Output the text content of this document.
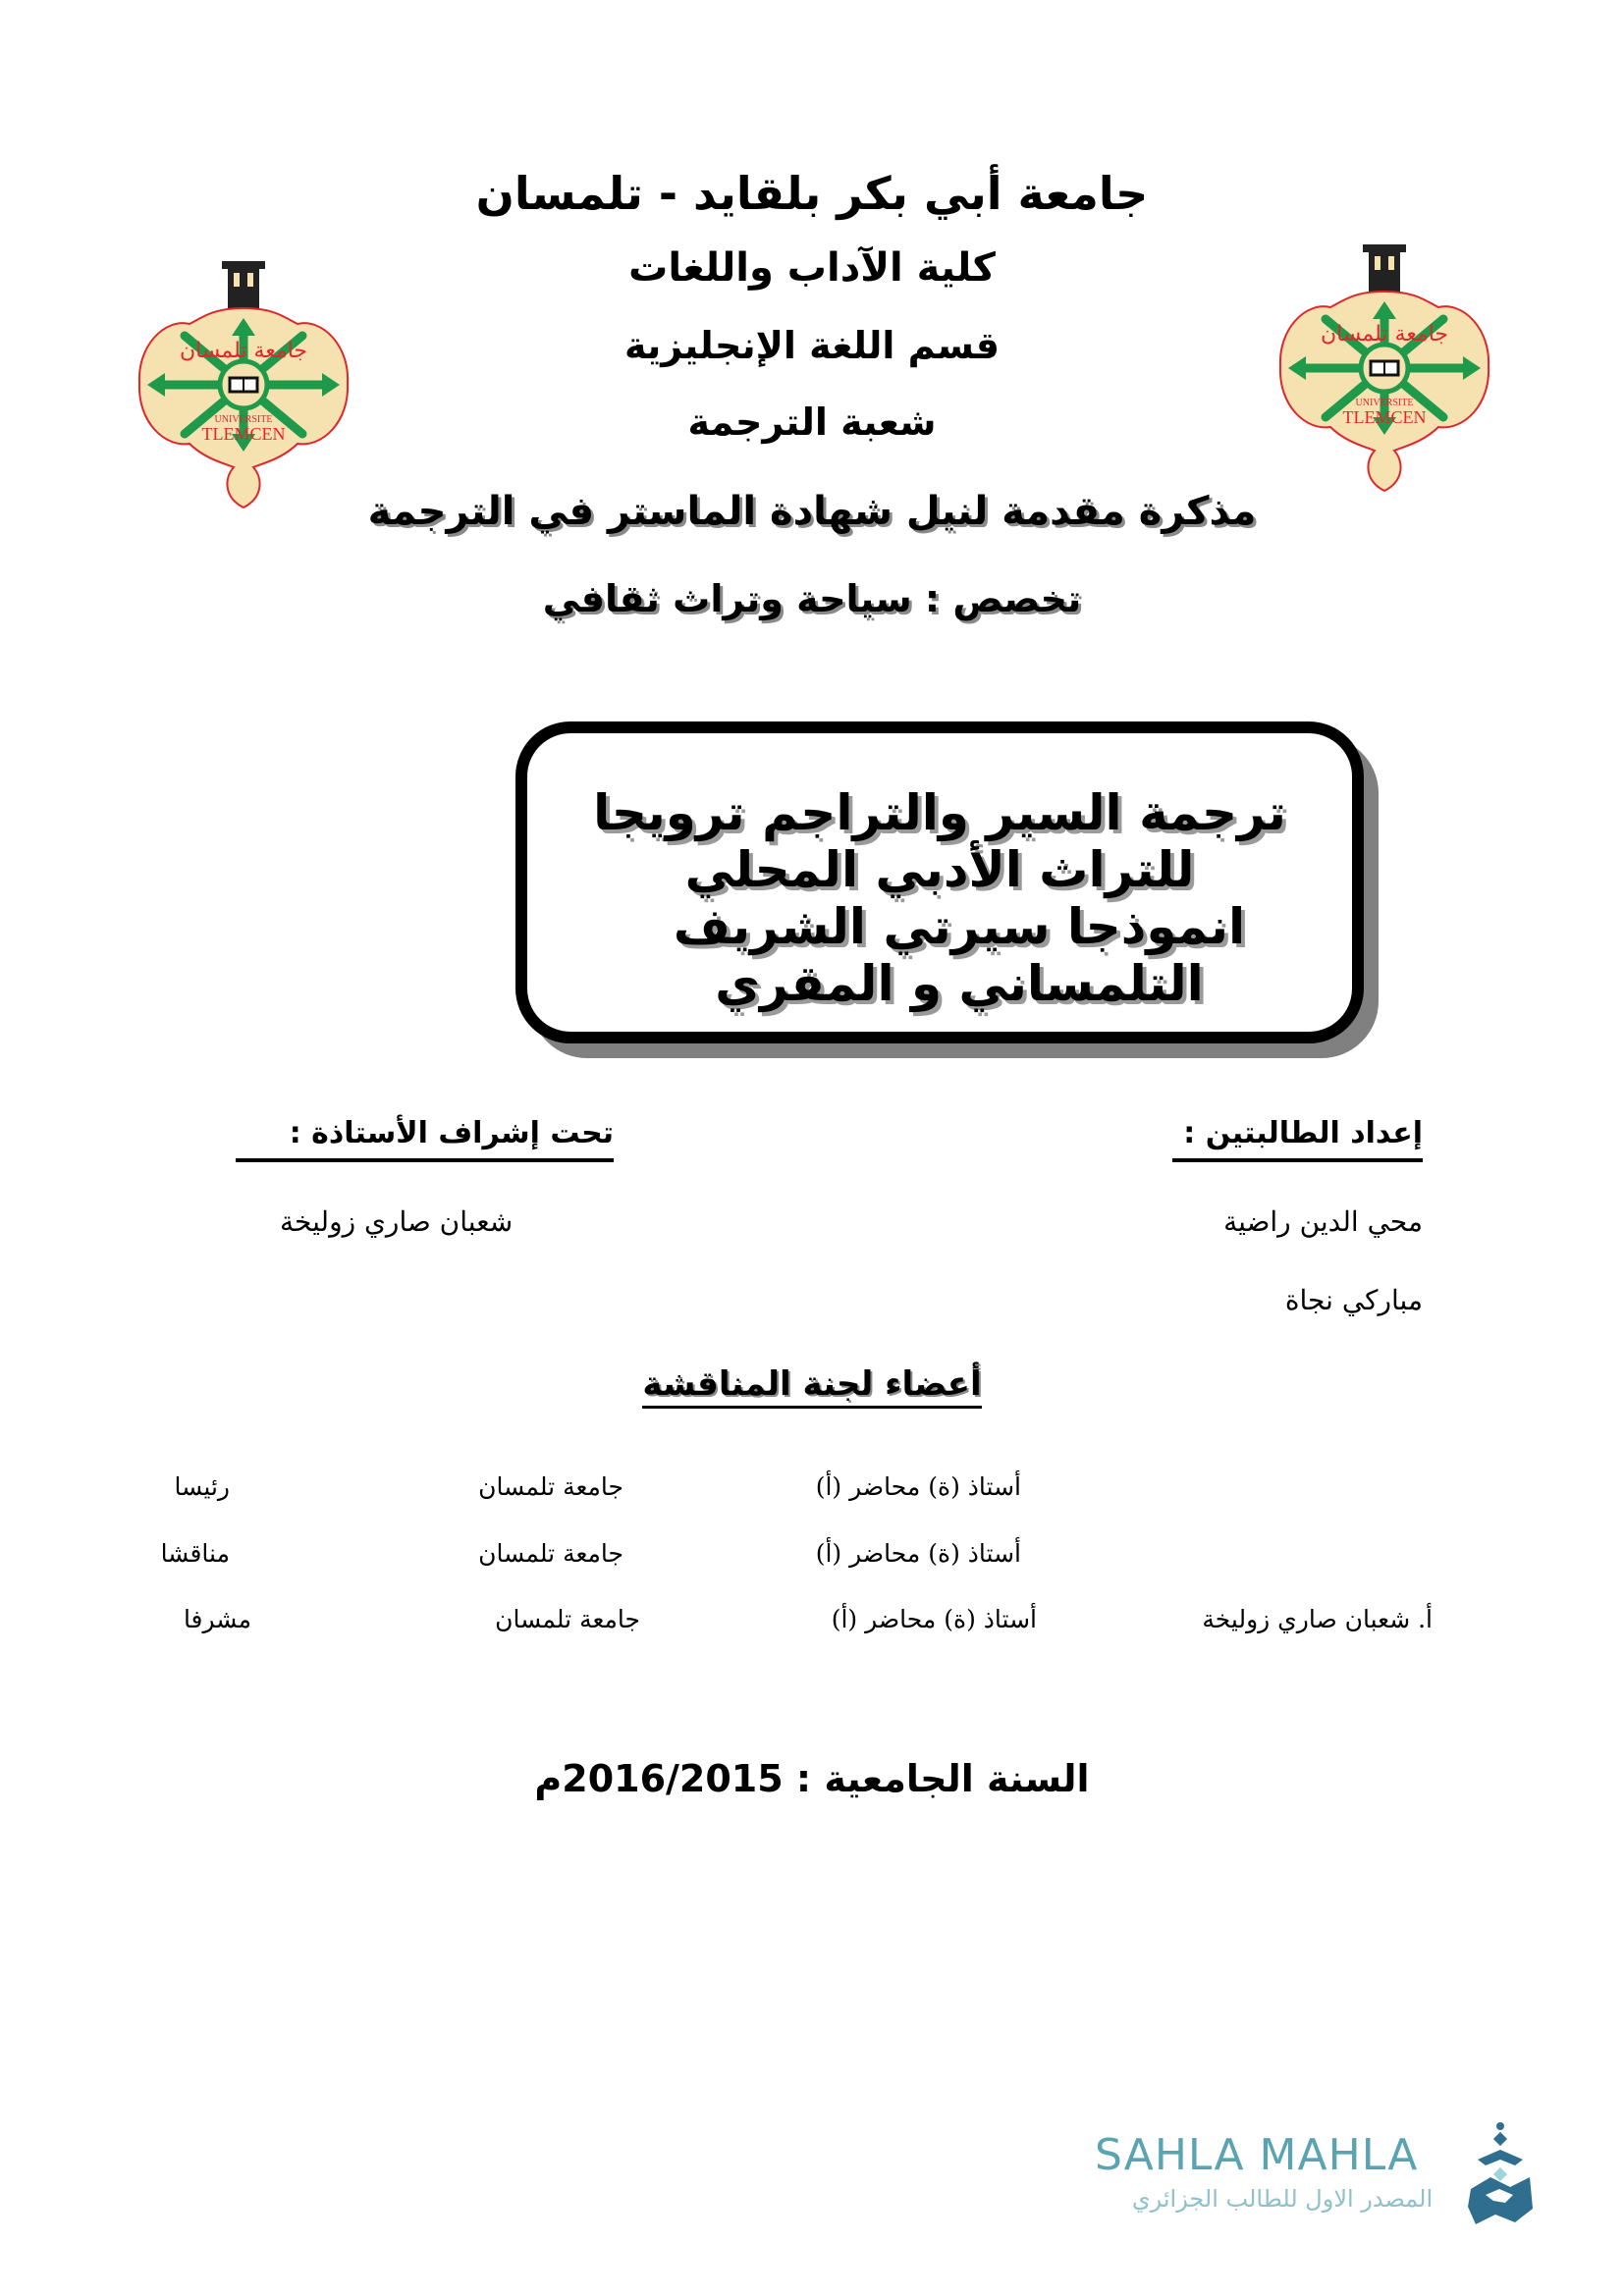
جامعة أبي بكر بلقايد - تلمسان
كلية الآداب واللغات
قسم اللغة الإنجليزية
شعبة الترجمة
مذكرة مقدمة لنيل شهادة الماستر في الترجمة
تخصص : سياحة وتراث ثقافي
UNIVERSITE
TLEMCEN
جامعة تلمسان
UNIVERSITE
TLEMCEN
جامعة تلمسان
ترجمة السير والتراجم ترويجا للتراث الأدبي المحلي
انموذجا سيرتي الشريف التلمساني و المقري
إعداد الطالبتين :
تحت إشراف الأستاذة :
محي الدين راضية
مباركي نجاة
شعبان صاري زوليخة
أعضاء لجنة المناقشة
أستاذ (ة) محاضر (أ)
جامعة تلمسان
رئيسا
أستاذ (ة) محاضر (أ)
جامعة تلمسان
مناقشا
أ. شعبان صاري زوليخة
أستاذ (ة) محاضر (أ)
جامعة تلمسان
مشرفا
السنة الجامعية : 2016/2015م
SAHLA MAHLA
المصدر الاول للطالب الجزائري
